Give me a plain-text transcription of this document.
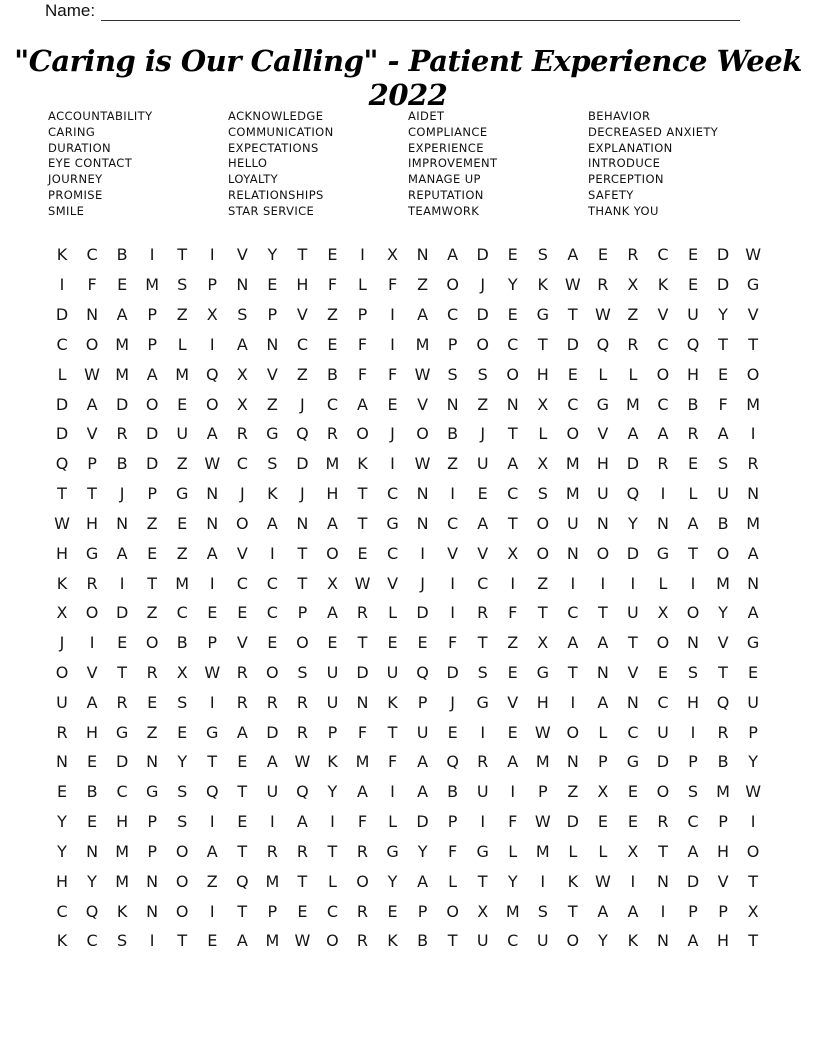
Name:
"Caring is Our Calling" - Patient Experience Week 2022
ACCOUNTABILITY
CARING
DURATION
EYE CONTACT
JOURNEY
PROMISE
SMILE
ACKNOWLEDGE
COMMUNICATION
EXPECTATIONS
HELLO
LOYALTY
RELATIONSHIPS
STAR SERVICE
AIDET
COMPLIANCE
EXPERIENCE
IMPROVEMENT
MANAGE UP
REPUTATION
TEAMWORK
BEHAVIOR
DECREASED ANXIETY
EXPLANATION
INTRODUCE
PERCEPTION
SAFETY
THANK YOU
K	C	B	I	T	I	V	Y	T	E	I	X	N	A	D	E	S	A	E	R	C	E	D W
I	F	E	M	S	P	N	E	H	F	L	F	Z	O	J	Y	K	W	R	X	K	E	D	G
D	N	A	P	Z	X	S	P	V	Z	P	I	A	C	D	E	G	T	W	Z	V	U	Y	V
C	O	M	P	L	I	A	N	C	E	F	I	M	P	O	C	T	D	Q	R	C	Q	T	T
L	W M	A	M	Q	X	V	Z	B	F	F	W	S	S	O	H	E	L	L	O	H	E	O
D	A	D	O	E	O	X	Z	J	C	A	E	V	N	Z	N	X	C	G	M	C	B	F	M
D	V	R	D	U	A	R	G	Q	R	O	J	O	B	J	T	L	O	V	A	A	R	A	I
Q	P	B	D	Z	W	C	S	D	M	K	I	W	Z	U	A	X	M	H	D	R	E	S	R
T	T	J	P	G	N	J	K	J	H	T	C	N	I	E	C	S	M	U	Q	I	L	U	N
W	H	N	Z	E	N	O	A	N	A	T	G	N	C	A	T	O	U	N	Y	N	A	B	M
H	G	A	E	Z	A	V	I	T	O	E	C	I	V	V	X	O	N	O	D	G	T	O	A
K	R	I	T	M	I	C	C	T	X	W	V	J	I	C	I	Z	I	I	I	L	I	M	N
X	O	D	Z	C	E	E	C	P	A	R	L	D	I	R	F	T	C	T	U	X	O	Y	A
J	I	E	O	B	P	V	E	O	E	T	E	E	F	T	Z	X	A	A	T	O	N	V	G
O	V	T	R	X	W	R	O	S	U	D	U	Q	D	S	E	G	T	N	V	E	S	T	E
U	A	R	E	S	I	R	R	R	U	N	K	P	J	G	V	H	I	A	N	C	H	Q	U
R	H	G	Z	E	G	A	D	R	P	F	T	U	E	I	E	W O	L	C	U	I	R	P
N	E	D	N	Y	T	E	A	W	K	M	F	A	Q	R	A	M	N	P	G	D	P	B	Y
E	B	C	G	S	Q	T	U	Q	Y	A	I	A	B	U	I	P	Z	X	E	O	S	M W
Y	E	H	P	S	I	E	I	A	I	F	L	D	P	I	F	W D	E	E	R	C	P	I
Y	N	M	P	O	A	T	R	R	T	R	G	Y	F	G	L	M	L	L	X	T	A	H	O
H	Y	M	N	O	Z	Q	M	T	L	O	Y	A	L	T	Y	I	K	W	I	N	D	V	T
C	Q	K	N	O	I	T	P	E	C	R	E	P	O	X	M	S	T	A	A	I	P	P	X
K	C	S	I	T	E	A	M W O	R	K	B	T	U	C	U	O	Y	K	N	A	H	T
